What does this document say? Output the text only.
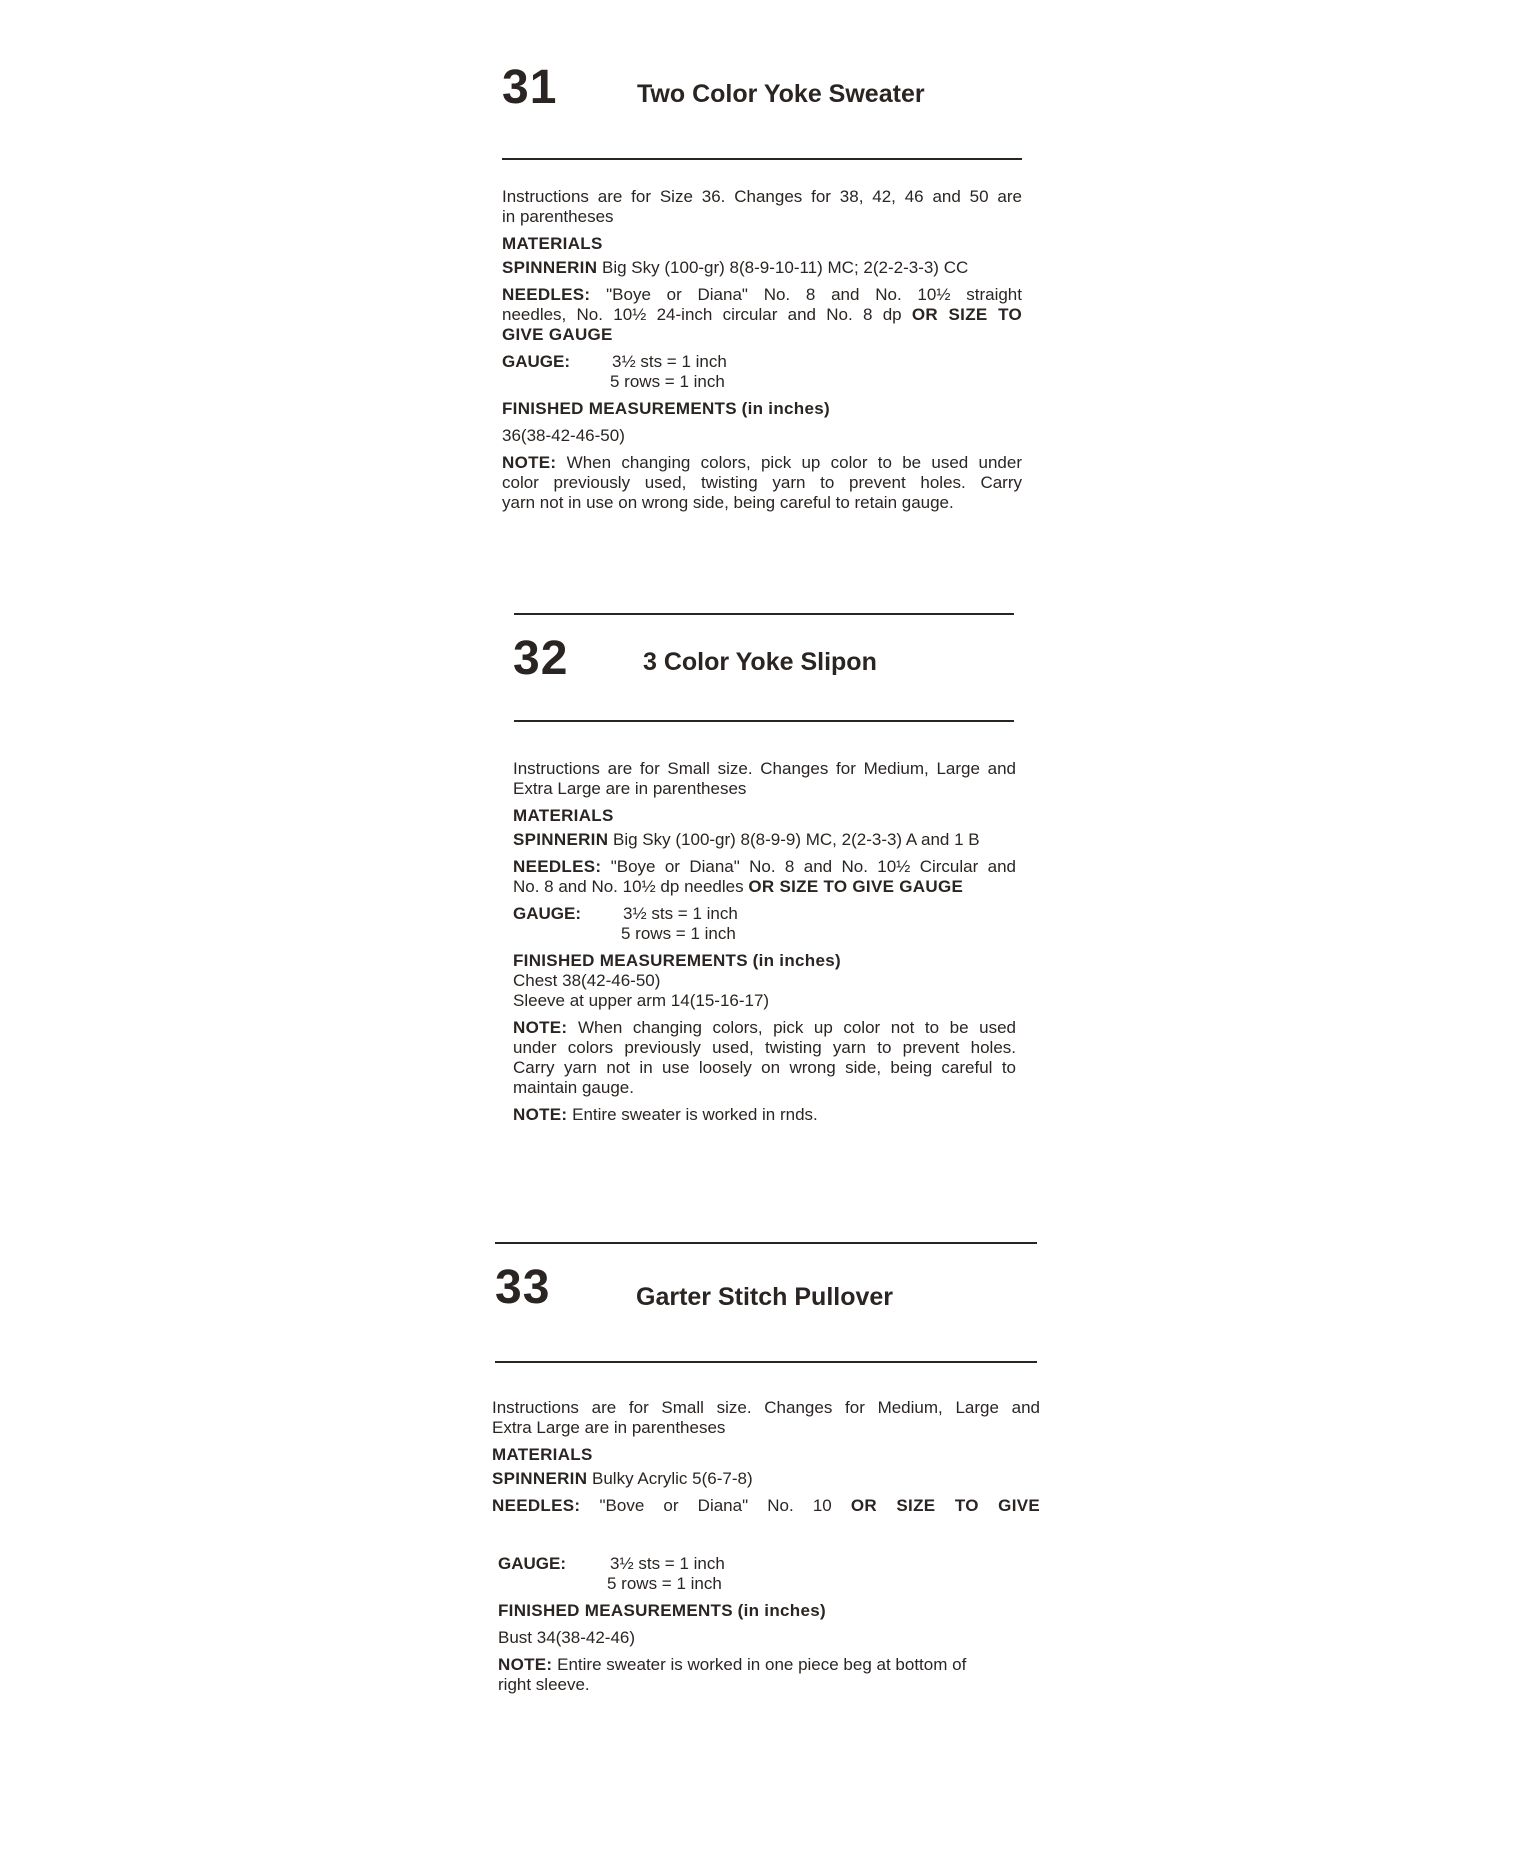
31	Two Color Yoke Sweater
Instructions are for Size 36. Changes for 38, 42, 46 and 50 are
in parentheses
MATERIALS
SPINNERIN Big Sky (100-gr) 8(8-9-10-11) MC; 2(2-2-3-3) CC
NEEDLES: "Boye or Diana" No. 8 and No. 10½ straight
needles, No. 10½ 24-inch circular and No. 8 dp OR SIZE TO
GIVE GAUGE
GAUGE:	3½ sts = 1 inch
5 rows = 1 inch
FINISHED MEASUREMENTS (in inches)
36(38-42-46-50)
NOTE: When changing colors, pick up color to be used under
color previously used, twisting yarn to prevent holes. Carry
yarn not in use on wrong side, being careful to retain gauge.
32	3 Color Yoke Slipon
Instructions are for Small size. Changes for Medium, Large and
Extra Large are in parentheses
MATERIALS
SPINNERIN Big Sky (100-gr) 8(8-9-9) MC, 2(2-3-3) A and 1 B
NEEDLES: "Boye or Diana" No. 8 and No. 10½ Circular and
No. 8 and No. 10½ dp needles OR SIZE TO GIVE GAUGE
GAUGE:	3½ sts = 1 inch
5 rows = 1 inch
FINISHED MEASUREMENTS (in inches)
Chest 38(42-46-50)
Sleeve at upper arm 14(15-16-17)
NOTE: When changing colors, pick up color not to be used
under colors previously used, twisting yarn to prevent holes.
Carry yarn not in use loosely on wrong side, being careful to
maintain gauge.
NOTE: Entire sweater is worked in rnds.
33	Garter Stitch Pullover
Instructions are for Small size. Changes for Medium, Large and
Extra Large are in parentheses
MATERIALS
SPINNERIN Bulky Acrylic 5(6-7-8)
NEEDLES: "Bove or Diana" No. 10 OR SIZE TO GIVE
GAUGE:	3½ sts = 1 inch
5 rows = 1 inch
FINISHED MEASUREMENTS (in inches)
Bust 34(38-42-46)
NOTE: Entire sweater is worked in one piece beg at bottom of
right sleeve.
